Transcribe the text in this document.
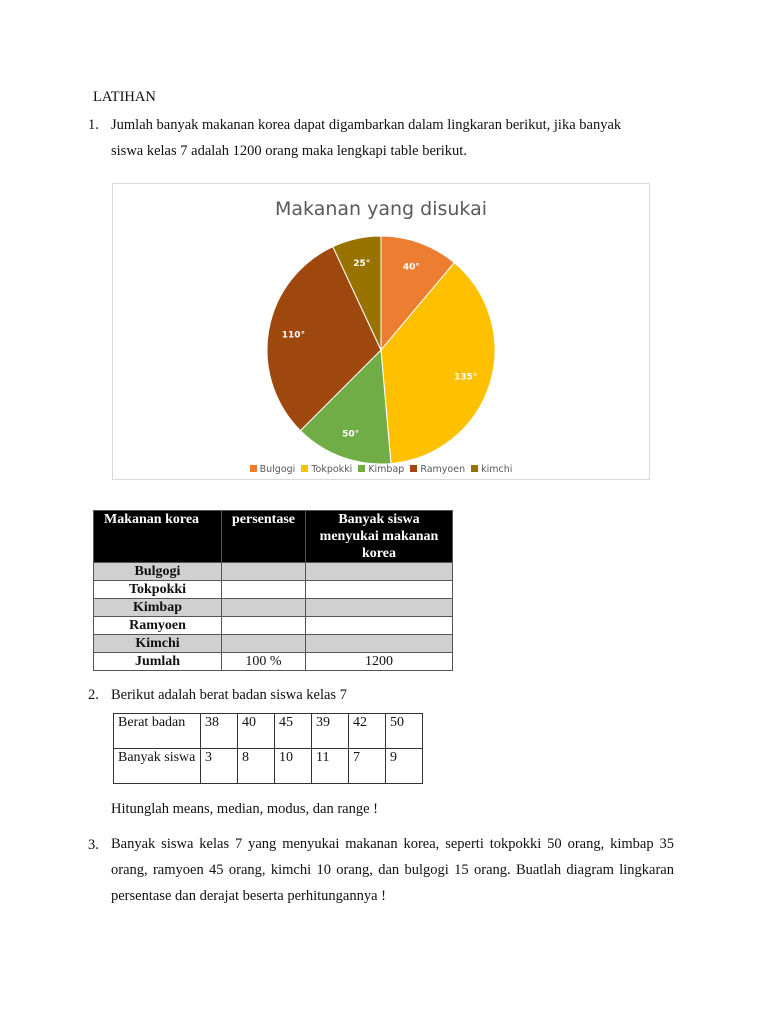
LATIHAN
1. Jumlah banyak makanan korea dapat digambarkan dalam lingkaran berikut, jika banyak
siswa kelas 7 adalah 1200 orang maka lengkapi table berikut.
40°
135°
50°
110°
25°
Makanan yang disukai
Bulgogi Tokpokki Kimbap Ramyoen kimchi
Makanan korea	persentase	Banyak siswa menyukai makanan korea
Bulgogi		
Tokpokki		
Kimbap		
Ramyoen		
Kimchi		
Jumlah	100 %	1200
2. Berikut adalah berat badan siswa kelas 7
Berat badan	38	40	45	39	42	50
Banyak siswa	3	8	10	11	7	9
Hitunglah means, median, modus, dan range !
3. Banyak siswa kelas 7 yang menyukai makanan korea, seperti tokpokki 50 orang, kimbap 35 orang, ramyoen 45 orang, kimchi 10 orang, dan bulgogi 15 orang. Buatlah diagram lingkaran persentase dan derajat beserta perhitungannya !
